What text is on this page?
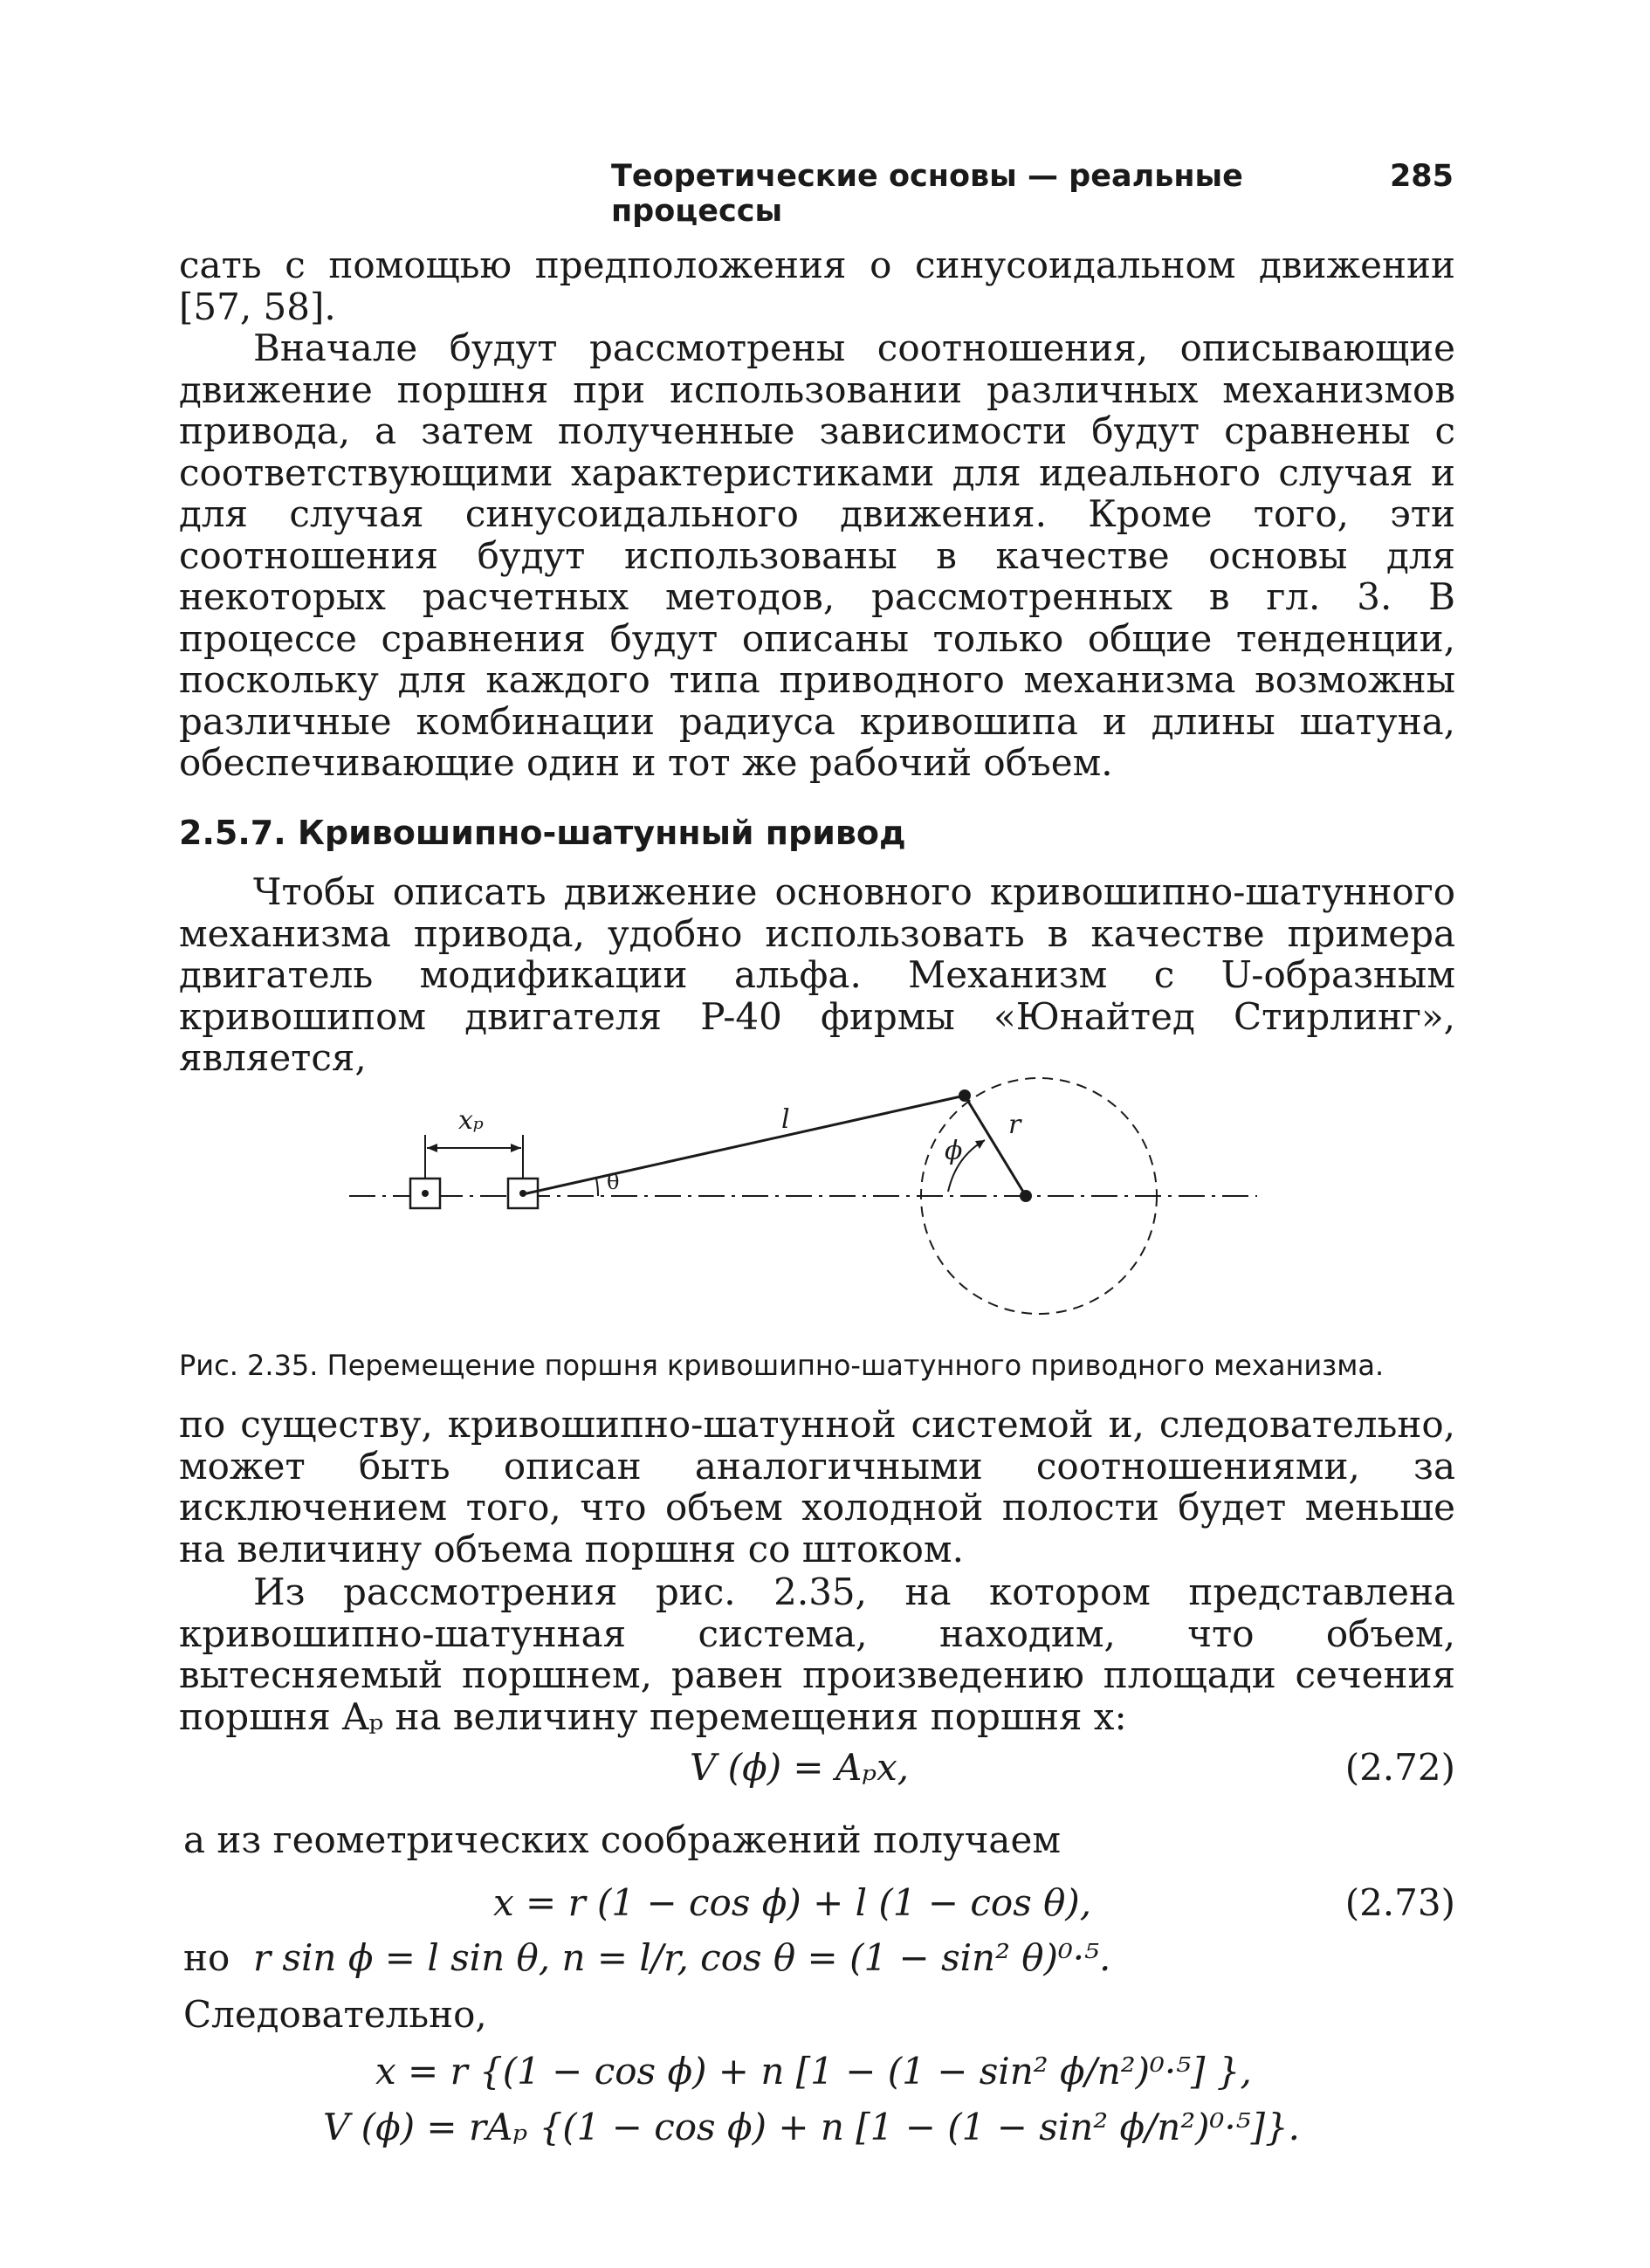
Теоретические основы — реальные процессы
285

сать с помощью предположения о синусоидальном движении [57, 58].

Вначале будут рассмотрены соотношения, описывающие движение поршня при использовании различных механизмов привода, а затем полученные зависимости будут сравнены с соответствующими характеристиками для идеального случая и для случая синусоидального движения. Кроме того, эти соотношения будут использованы в качестве основы для некоторых расчетных методов, рассмотренных в гл. 3. В процессе сравнения будут описаны только общие тенденции, поскольку для каждого типа приводного механизма возможны различные комбинации радиуса кривошипа и длины шатуна, обеспечивающие один и тот же рабочий объем.

2.5.7. Кривошипно-шатунный привод

Чтобы описать движение основного кривошипно-шатунного механизма привода, удобно использовать в качестве примера двигатель модификации альфа. Механизм с U-образным кривошипом двигателя P-40 фирмы «Юнайтед Стирлинг», является,

xₚ	l
θ
r
ϕ

Рис. 2.35. Перемещение поршня кривошипно-шатунного приводного механизма.

по существу, кривошипно-шатунной системой и, следовательно, может быть описан аналогичными соотношениями, за исключением того, что объем холодной полости будет меньше на величину объема поршня со штоком.

Из рассмотрения рис. 2.35, на котором представлена кривошипно-шатунная система, находим, что объем, вытесняемый поршнем, равен произведению площади сечения поршня Aₚ на величину перемещения поршня x:

V (ϕ) = Aₚx,	(2.72)
а из геометрических соображений получаем
x = r (1 − cos ϕ) + l (1 − cos θ),	(2.73)
но r sin ϕ = l sin θ, n = l/r, cos θ = (1 − sin² θ)⁰·⁵.
Следовательно,
x = r {(1 − cos ϕ) + n [1 − (1 − sin² ϕ/n²)⁰·⁵] },
V (ϕ) = rAₚ {(1 − cos ϕ) + n [1 − (1 − sin² ϕ/n²)⁰·⁵]}.
